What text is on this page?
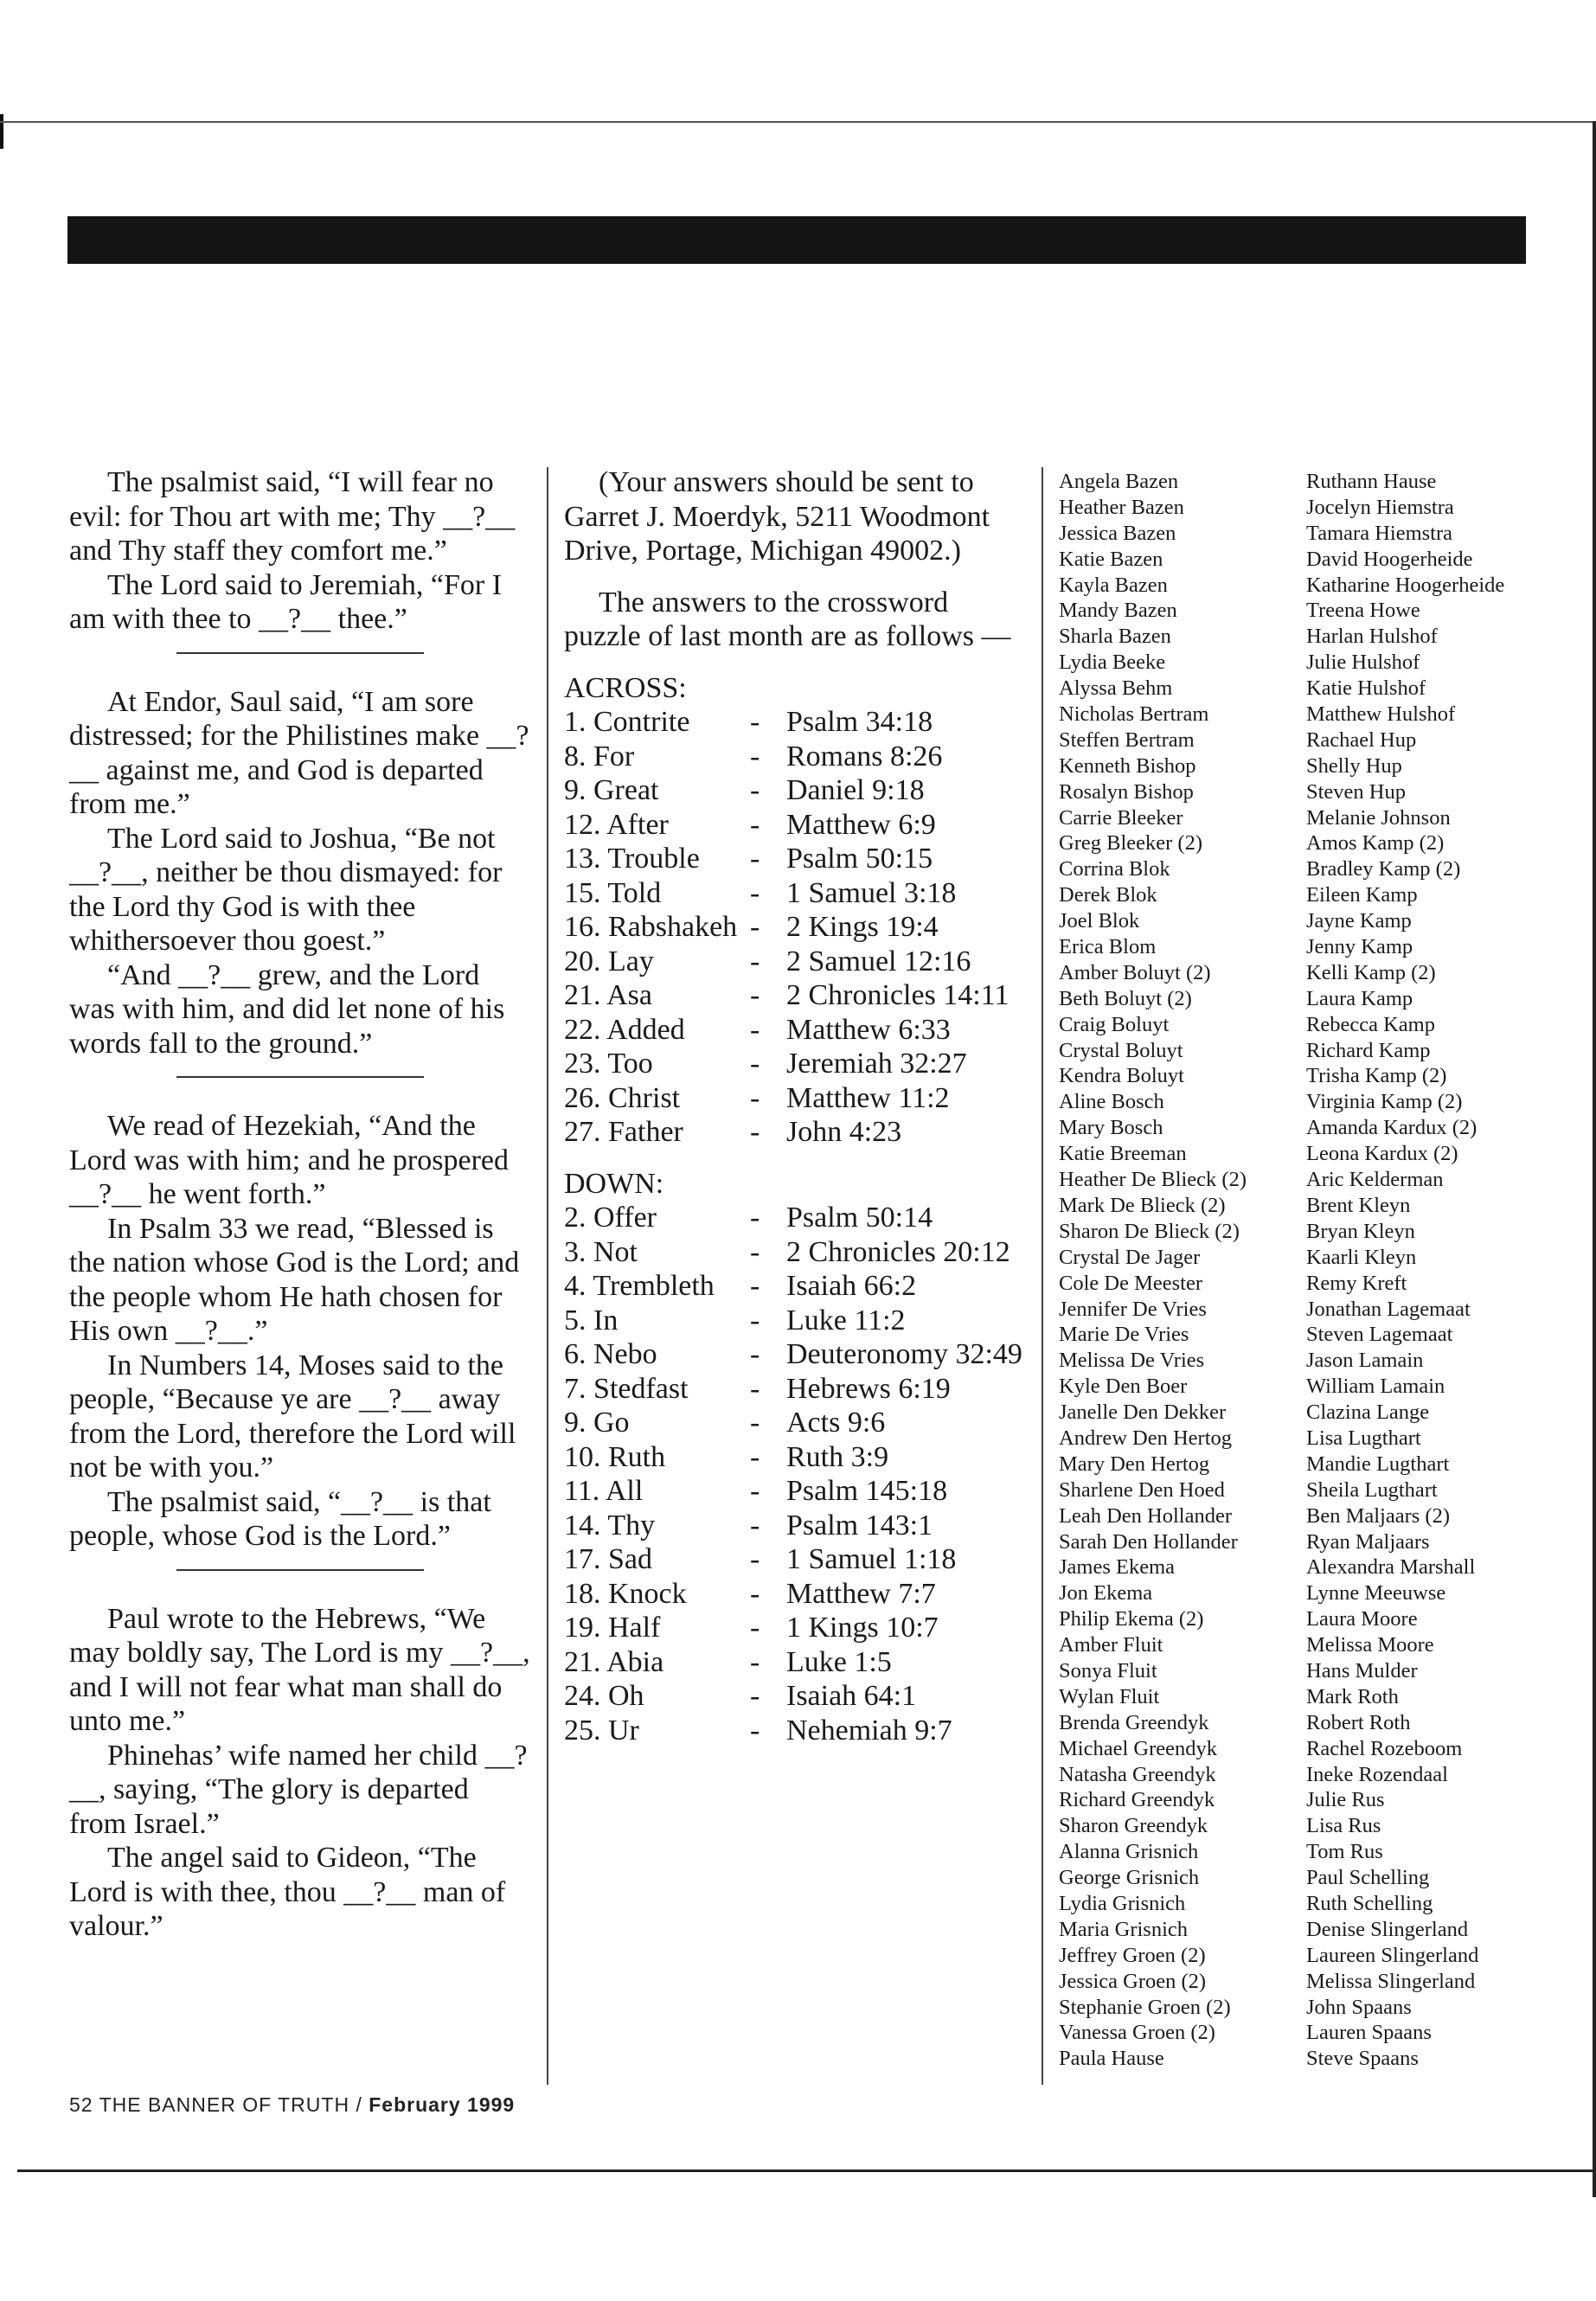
The psalmist said, “I will fear no evil: for Thou art with me; Thy __?__ and Thy staff they comfort me.”

The Lord said to Jeremiah, “For I am with thee to __?__ thee.”

At Endor, Saul said, “I am sore distressed; for the Philistines make __?__ against me, and God is departed from me.”

The Lord said to Joshua, “Be not __?__, neither be thou dismayed: for the Lord thy God is with thee whithersoever thou goest.”

“And __?__ grew, and the Lord was with him, and did let none of his words fall to the ground.”

We read of Hezekiah, “And the Lord was with him; and he prospered __?__ he went forth.”

In Psalm 33 we read, “Blessed is the nation whose God is the Lord; and the people whom He hath chosen for His own __?__.”

In Numbers 14, Moses said to the people, “Because ye are __?__ away from the Lord, therefore the Lord will not be with you.”

The psalmist said, “__?__ is that people, whose God is the Lord.”

Paul wrote to the Hebrews, “We may boldly say, The Lord is my __?__, and I will not fear what man shall do unto me.”

Phinehas’ wife named her child __?__, saying, “The glory is departed from Israel.”

The angel said to Gideon, “The Lord is with thee, thou __?__ man of valour.”

(Your answers should be sent to Garret J. Moerdyk, 5211 Woodmont Drive, Portage, Michigan 49002.)

The answers to the crossword puzzle of last month are as follows —

ACROSS:
1. Contrite	- Psalm 34:18
8. For	- Romans 8:26
9. Great	- Daniel 9:18
12. After	- Matthew 6:9
13. Trouble	- Psalm 50:15
15. Told	- 1 Samuel 3:18
16. Rabshakeh - 2 Kings 19:4
20. Lay	- 2 Samuel 12:16
21. Asa	- 2 Chronicles 14:11
22. Added	- Matthew 6:33
23. Too	- Jeremiah 32:27
26. Christ	- Matthew 11:2
27. Father	- John 4:23
DOWN:
2. Offer	- Psalm 50:14
3. Not	- 2 Chronicles 20:12
4. Trembleth	- Isaiah 66:2
5. In	- Luke 11:2
6. Nebo	- Deuteronomy 32:49
7. Stedfast	- Hebrews 6:19
9. Go	- Acts 9:6
10. Ruth	- Ruth 3:9
11. All	- Psalm 145:18
14. Thy	- Psalm 143:1
17. Sad	- 1 Samuel 1:18
18. Knock	- Matthew 7:7
19. Half	- 1 Kings 10:7
21. Abia	- Luke 1:5
24. Oh	- Isaiah 64:1
25. Ur	- Nehemiah 9:7
Angela Bazen
Heather Bazen
Jessica Bazen
Katie Bazen
Kayla Bazen
Mandy Bazen
Sharla Bazen
Lydia Beeke
Alyssa Behm
Nicholas Bertram
Steffen Bertram
Kenneth Bishop
Rosalyn Bishop
Carrie Bleeker
Greg Bleeker (2)
Corrina Blok
Derek Blok
Joel Blok
Erica Blom
Amber Boluyt (2)
Beth Boluyt (2)
Craig Boluyt
Crystal Boluyt
Kendra Boluyt
Aline Bosch
Mary Bosch
Katie Breeman
Heather De Blieck (2)
Mark De Blieck (2)
Sharon De Blieck (2)
Crystal De Jager
Cole De Meester
Jennifer De Vries
Marie De Vries
Melissa De Vries
Kyle Den Boer
Janelle Den Dekker
Andrew Den Hertog
Mary Den Hertog
Sharlene Den Hoed
Leah Den Hollander
Sarah Den Hollander
James Ekema
Jon Ekema
Philip Ekema (2)
Amber Fluit
Sonya Fluit
Wylan Fluit
Brenda Greendyk
Michael Greendyk
Natasha Greendyk
Richard Greendyk
Sharon Greendyk
Alanna Grisnich
George Grisnich
Lydia Grisnich
Maria Grisnich
Jeffrey Groen (2)
Jessica Groen (2)
Stephanie Groen (2)
Vanessa Groen (2)
Paula Hause
Ruthann Hause
Jocelyn Hiemstra
Tamara Hiemstra
David Hoogerheide
Katharine Hoogerheide
Treena Howe
Harlan Hulshof
Julie Hulshof
Katie Hulshof
Matthew Hulshof
Rachael Hup
Shelly Hup
Steven Hup
Melanie Johnson
Amos Kamp (2)
Bradley Kamp (2)
Eileen Kamp
Jayne Kamp
Jenny Kamp
Kelli Kamp (2)
Laura Kamp
Rebecca Kamp
Richard Kamp
Trisha Kamp (2)
Virginia Kamp (2)
Amanda Kardux (2)
Leona Kardux (2)
Aric Kelderman
Brent Kleyn
Bryan Kleyn
Kaarli Kleyn
Remy Kreft
Jonathan Lagemaat
Steven Lagemaat
Jason Lamain
William Lamain
Clazina Lange
Lisa Lugthart
Mandie Lugthart
Sheila Lugthart
Ben Maljaars (2)
Ryan Maljaars
Alexandra Marshall
Lynne Meeuwse
Laura Moore
Melissa Moore
Hans Mulder
Mark Roth
Robert Roth
Rachel Rozeboom
Ineke Rozendaal
Julie Rus
Lisa Rus
Tom Rus
Paul Schelling
Ruth Schelling
Denise Slingerland
Laureen Slingerland
Melissa Slingerland
John Spaans
Lauren Spaans
Steve Spaans
52 THE BANNER OF TRUTH / February 1999
